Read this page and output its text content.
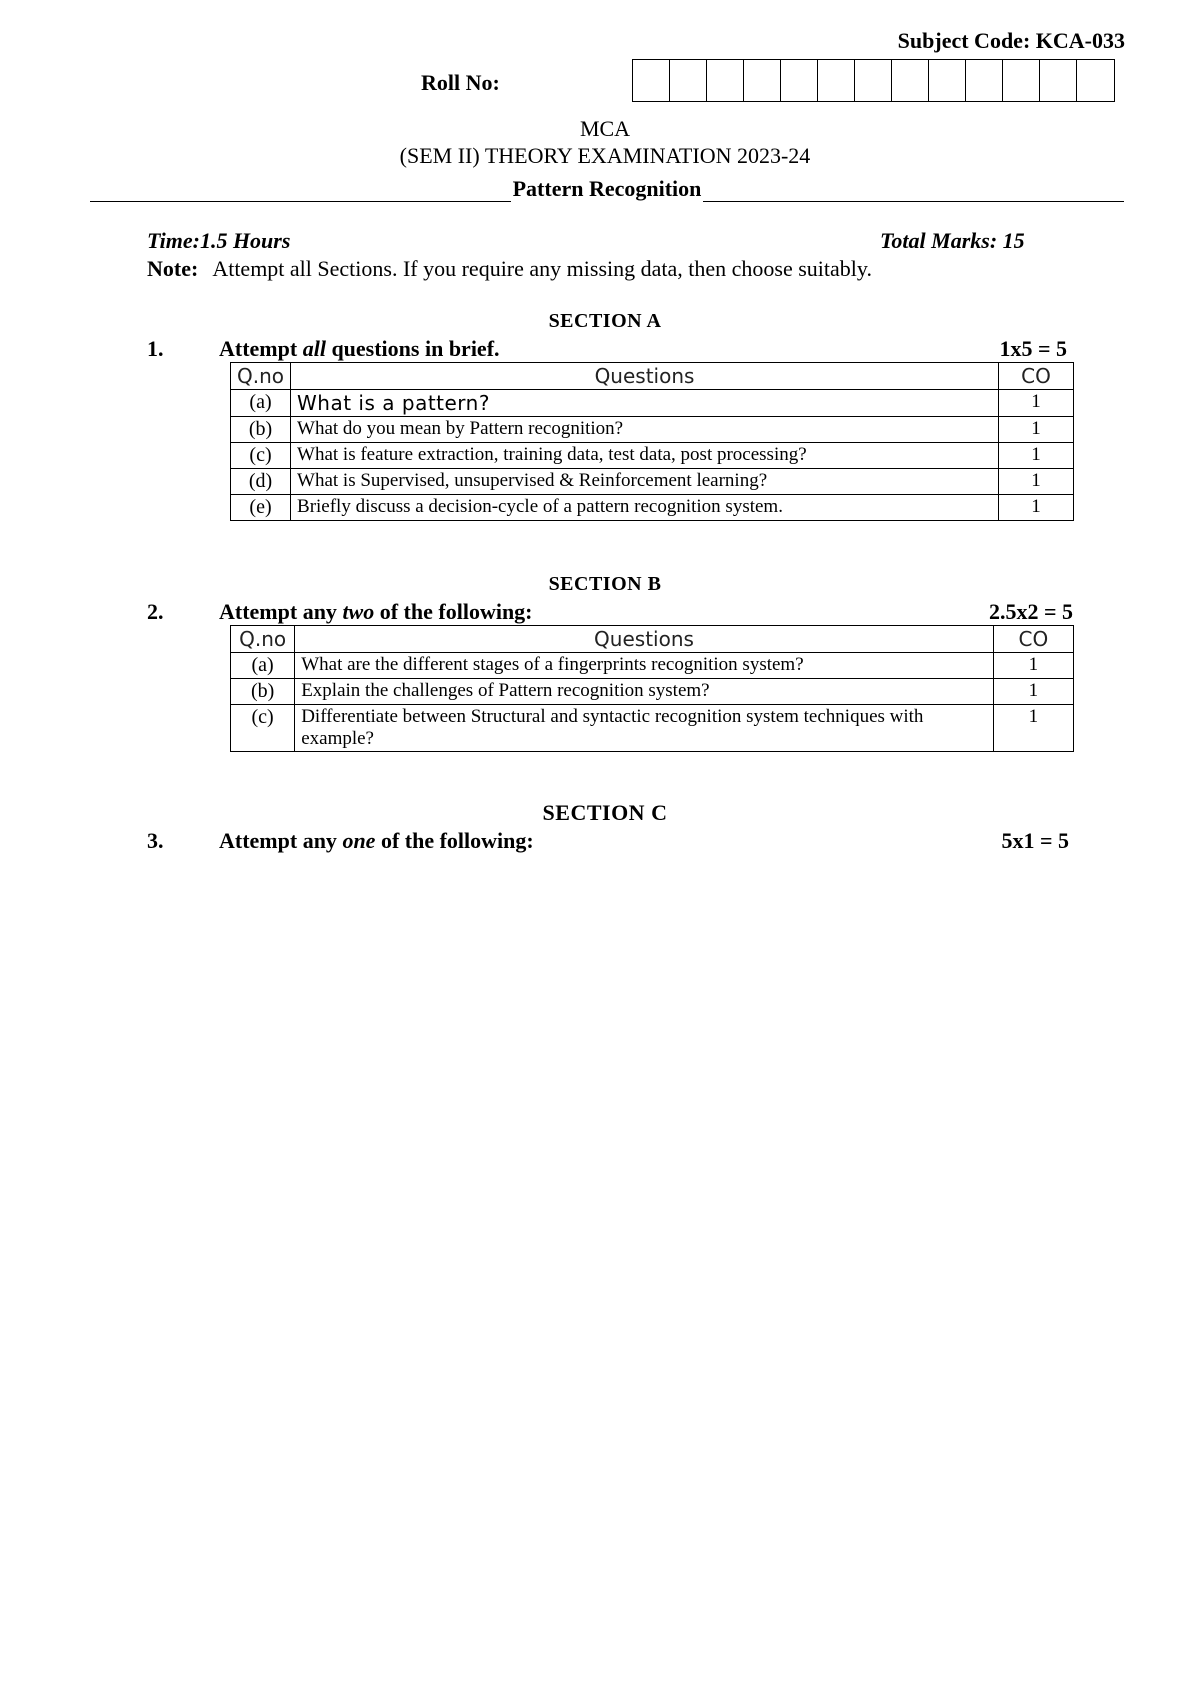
Subject Code: KCA-033
Roll No:
MCA
(SEM II) THEORY EXAMINATION 2023-24
Pattern Recognition
Time:1.5 Hours	Total Marks: 15
Note: Attempt all Sections. If you require any missing data, then choose suitably.
SECTION A
1.	Attempt all questions in brief.	1x5 = 5
Q.no	Questions	CO
(a)	What is a pattern?	1
(b)	What do you mean by Pattern recognition?	1
(c)	What is feature extraction, training data, test data, post processing?	1
(d)	What is Supervised, unsupervised & Reinforcement learning?	1
(e)	Briefly discuss a decision-cycle of a pattern recognition system.	1
SECTION B
2.	Attempt any two of the following:	2.5x2 = 5
Q.no	Questions	CO
(a)	What are the different stages of a fingerprints recognition system?	1
(b)	Explain the challenges of Pattern recognition system?	1
(c)	Differentiate between Structural and syntactic recognition system techniques with example?	1
SECTION C
3.	Attempt any one of the following:	5x1 = 5
